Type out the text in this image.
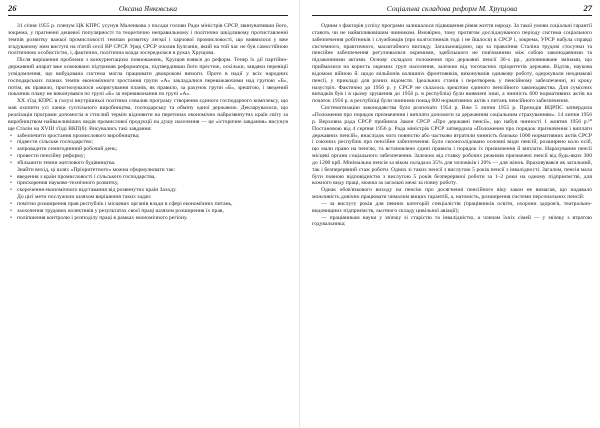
26	Оксана Янковська

31 січня 1955 р. пленум ЦК КПРС усунув Маленкова з посади голови Ради міністрів СРСР, звинувативши його, зокрема, у прагненні дешевої популярності та теоретично неправильному і політично шкідливому протиставленні темпів розвитку важкої промисловості темпам розвитку легкої і харчової промисловості, що виявилося у вже згадуваному ним виступі на п'ятій сесії ВР СРСР. Уряд СРСР очолив Булганін, який на той час не був самостійною політичною особистістю, і, фактично, політична влада зосередилася в руках Хрущова.

Після вирішення проблеми з конкурентацією повноважень, Хрущов взявся до реформ. Тепер їх дії партійно-державний апарат вже освоювано підтримав реформатора, підтвердивши його престиж, оскільки, завдяки перевіції усвідомлення, що вибудована система могла працювати двокрокові вимоги. Проте в надії у всіх народних господарських планах темпи економічного зростання групи «А» закладалися переважаючими над групою «Б», потім, як правило, прогнозувалося «коригування планів, як правило, за рахунок групи «Б», зрештою, і зведений показник плану не виконувався по групі «Б» за перевиконання по групі «А».

ХХ з'їзд КПРС в галузі внутрішньої політики схвалив програму створення єдиного господарчого комплексу, що мав охопити усі ланки суспільного виробництва, господарську та обміну одної державою. Декларувалося, що реалізація програми допомогла в стислий термін відновити на перетинах економічно найрозвинутих країн світу за виробництвом найважливіших видів промислової продукції на душу населення — це «історичне завдання» висунув ще Сталін на XVIII з'їзді ВКП(б). Висувались такі завдання:

• забезпечити зростання промислового виробництва;
• підвести сільське господарство;
• запровадити семигодинний робочий день;
• провести пенсійну реформу;
• збільшити темпи житлового будівництва.

Знайти вихід, ці шлях «Пріоритетного» можна сформулювати так:

• введення з країн промисловості і сільського господарства,
• прискорення науково-технічного розвитку,
• скорочення економічного відставання від розвинутих країн Заходу.

До цієї мети послужили шляхом вирішення таких задач:

• помітно розширення прав республік і місцевих органів влади в сфері економічних питань,
• заохочення трудових колективів у результатах своєї праці шляхом розширення їх прав,
• поліпшення контролю і розподілу праці в рамках економічного регіону.
Соціальна складова реформ М. Хрущова	27

Одним з факторів успіху програми залишалося підвищення рівня життя народу. За такої умови соціальні гарантії ставоть чи не найвпливовішим чинником. Вмовірно, тому протягом досліджуваного періоду система соціального забезпечення робітників і службовців (про колгоспників тоді і не йшлося) в СРСР і, зокрема, УРСР набула справді системного, практичного, масштабного вигляду. Загальновідомо, що за правління Сталіна трудові стосунки та пенсійне забезпечення регулювалися окремими, здебільшого не пов'язаними між собою законодавчими та підзаконними актами. Основу складало положення про державні пенсії 30-х рр., доповнюване змінами, що приймалися на користь окремих груп населення, залежно від тогочасних пріоритетів держави. Відтак, наукова відомою війною й. щодо мільйонів колишніх фронтовиків, виконувачів однакову роботу, одержували неоднакові пенсії, у прикладі для різних відомств. Ідеальних станів і перетворень у пенсійному забезпеченні, ні кроку назустріч. Фактично до 1956 р. у СРСР не склалось зрештою єдиного пенсійного законодавства. Для сумісних випадків був і в цьому зрушення до 1956 р. в республіці були виявлені інші, а чинність 600 нормативних актів на початок 1956 р. в республіці були чинними понад 600 нормативних актів з питань пенсійного забезпечення.

Систематизацію законодавства було розпочато 1954 р. Вже 5 липня 1955 р. Президія ВЦРПС затвердила «Положення про порядок призначення і виплати допомоги за державним соціальним страхуванням». 14 липня 1956 р. Верховна рада СРСР прийняла Закон СРСР «Про державні пенсії», що набув чинності 1 жовтня 1956 р.¹⁰ Постановою від 4 серпня 1956 р. Рада міністрів СРСР затвердила «Положення про порядок призначення і виплати державних пенсій», внаслідок чого повністю або частково втратили чинність близько 1000 нормативних актів СРСР і союзних республік про пенсійне забезпечення. Було скоонсолідовано основні види пенсій, розширено коло осіб, що мали право на пенсію, та встановлено єдині правила і порядок їх призначення й виплати. Нарахування пенсії місцеві органи соціального забезпечення. Залежно від ставку робочих режимів призначені пенсії від будь-яких 300 до 1200 крб. Мінімальна пенсія за віком складала 35% для чоловіків і 20% — для жінок. Враховувався як загальний, так і безперервний стаж роботи. Одних зі таких пенсії з вислугою 5 років пенсії з інвалідності. Загалом, пенсія мала бути повною відповідністю з вислугою 5 років безперервної роботи за 1–2 роки на одному підприємстві, для кожного виду праці, можна за загальні межі за повну роботу.

Однак обов'язкового виходу на пенсію про досягненні пенсійного віку закон не вимагав, що надавало можливість довічно працювати чималим вищих гарантій, а, натомість, розширення системи персональних пенсій:

— за вислугу років для певних категорій спеціалістів (працівників освіти, охорони здоров'я, театрально-видовищних підприємств, льотного складу цивільної авіації);
— працівникам науки у зв'язку зі старістю та інвалідністю, а членам їхніх сімей — у зв'язку з втратою годувальника;
